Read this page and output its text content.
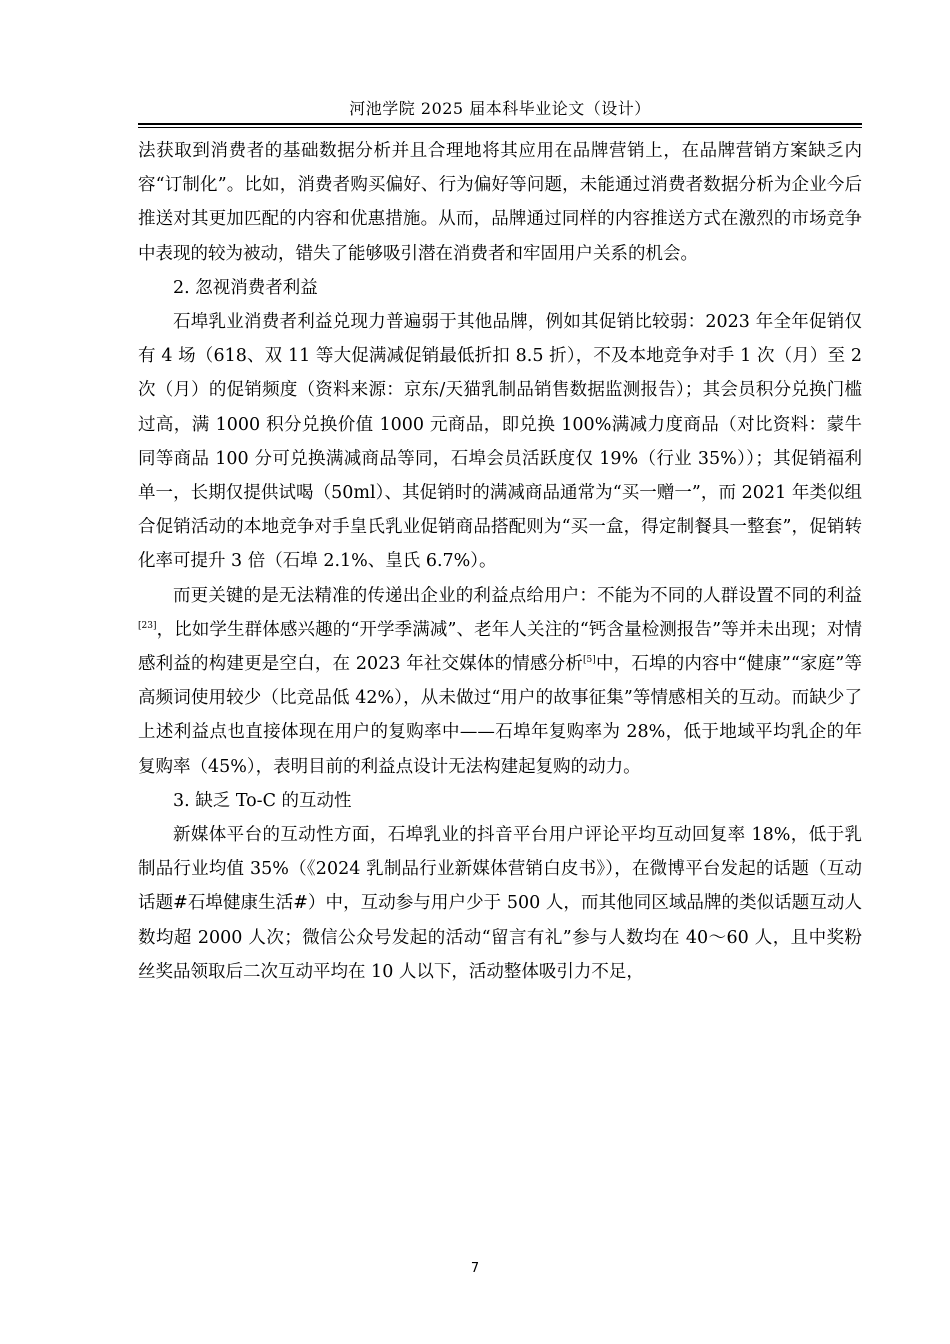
河池学院 2025 届本科毕业论文（设计）

法获取到消费者的基础数据分析并且合理地将其应用在品牌营销上，在品牌营销方案缺乏内容“订制化”。比如，消费者购买偏好、行为偏好等问题，未能通过消费者数据分析为企业今后推送对其更加匹配的内容和优惠措施。从而，品牌通过同样的内容推送方式在激烈的市场竞争中表现的较为被动，错失了能够吸引潜在消费者和牢固用户关系的机会。

2. 忽视消费者利益

石埠乳业消费者利益兑现力普遍弱于其他品牌，例如其促销比较弱：2023 年全年促销仅有 4 场（618、双 11 等大促满减促销最低折扣 8.5 折），不及本地竞争对手 1 次（月）至 2 次（月）的促销频度（资料来源：京东/天猫乳制品销售数据监测报告）；其会员积分兑换门槛过高，满 1000 积分兑换价值 1000 元商品，即兑换 100%满减力度商品（对比资料：蒙牛同等商品 100 分可兑换满减商品等同，石埠会员活跃度仅 19%（行业 35%））；其促销福利单一，长期仅提供试喝（50ml）、其促销时的满减商品通常为“买一赠一”，而 2021 年类似组合促销活动的本地竞争对手皇氏乳业促销商品搭配则为“买一盒，得定制餐具一整套”，促销转化率可提升 3 倍（石埠 2.1%、皇氏 6.7%）。

而更关键的是无法精准的传递出企业的利益点给用户：不能为不同的人群设置不同的利益[23]，比如学生群体感兴趣的“开学季满减”、老年人关注的“钙含量检测报告”等并未出现；对情感利益的构建更是空白，在 2023 年社交媒体的情感分析[5]中，石埠的内容中“健康”“家庭”等高频词使用较少（比竞品低 42%），从未做过“用户的故事征集”等情感相关的互动。而缺少了上述利益点也直接体现在用户的复购率中——石埠年复购率为 28%，低于地域平均乳企的年复购率（45%），表明目前的利益点设计无法构建起复购的动力。

3. 缺乏 To-C 的互动性

新媒体平台的互动性方面，石埠乳业的抖音平台用户评论平均互动回复率 18%，低于乳制品行业均值 35%（《2024 乳制品行业新媒体营销白皮书》），在微博平台发起的话题（互动话题#石埠健康生活#）中，互动参与用户少于 500 人，而其他同区域品牌的类似话题互动人数均超 2000 人次；微信公众号发起的活动“留言有礼”参与人数均在 40～60 人，且中奖粉丝奖品领取后二次互动平均在 10 人以下，活动整体吸引力不足，

7
